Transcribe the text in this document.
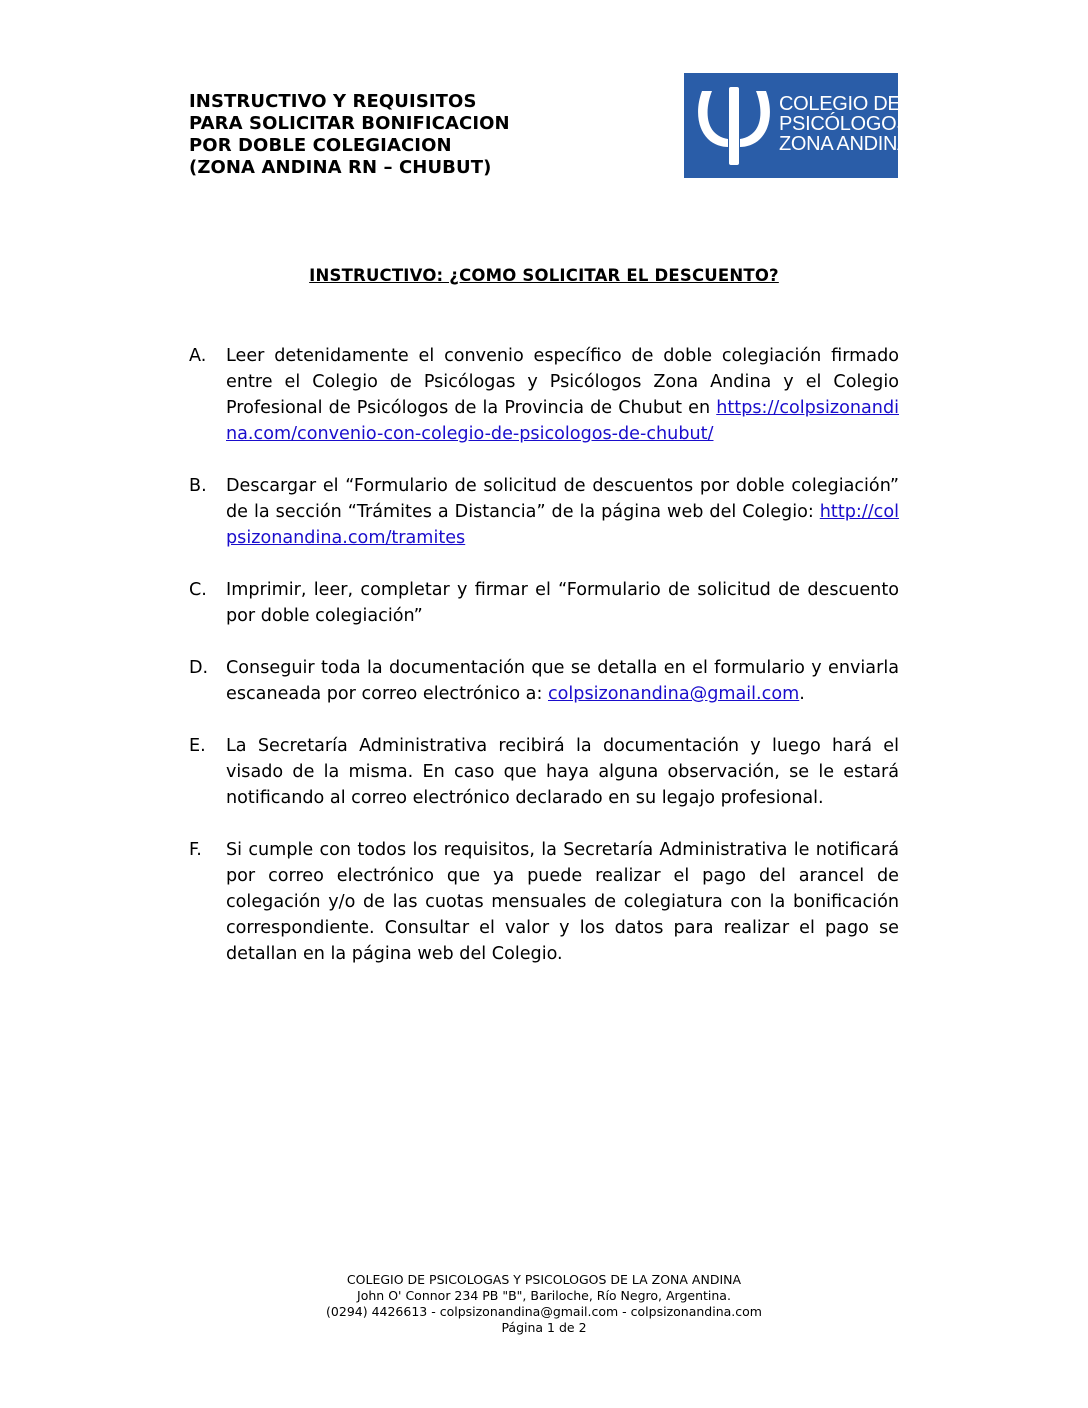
INSTRUCTIVO Y REQUISITOS
PARA SOLICITAR BONIFICACION
POR DOBLE COLEGIACION
(ZONA ANDINA RN – CHUBUT)
COLEGIO DE
PSICÓLOGOS
ZONA ANDINA
INSTRUCTIVO: ¿COMO SOLICITAR EL DESCUENTO?
A. Leer detenidamente el convenio específico de doble colegiación firmado entre el Colegio de Psicólogas y Psicólogos Zona Andina y el Colegio Profesional de Psicólogos de la Provincia de Chubut en https://colpsizonandina.com/convenio-con-colegio-de-psicologos-de-chubut/
B. Descargar el “Formulario de solicitud de descuentos por doble colegiación” de la sección “Trámites a Distancia” de la página web del Colegio: http://colpsizonandina.com/tramites
C. Imprimir, leer, completar y firmar el “Formulario de solicitud de descuento por doble colegiación”
D. Conseguir toda la documentación que se detalla en el formulario y enviarla escaneada por correo electrónico a: colpsizonandina@gmail.com.
E. La Secretaría Administrativa recibirá la documentación y luego hará el visado de la misma. En caso que haya alguna observación, se le estará notificando al correo electrónico declarado en su legajo profesional.
F. Si cumple con todos los requisitos, la Secretaría Administrativa le notificará por correo electrónico que ya puede realizar el pago del arancel de colegación y/o de las cuotas mensuales de colegiatura con la bonificación correspondiente. Consultar el valor y los datos para realizar el pago se detallan en la página web del Colegio.
COLEGIO DE PSICOLOGAS Y PSICOLOGOS DE LA ZONA ANDINA
John O' Connor 234 PB "B", Bariloche, Río Negro, Argentina.
(0294) 4426613 - colpsizonandina@gmail.com - colpsizonandina.com
Página 1 de 2
